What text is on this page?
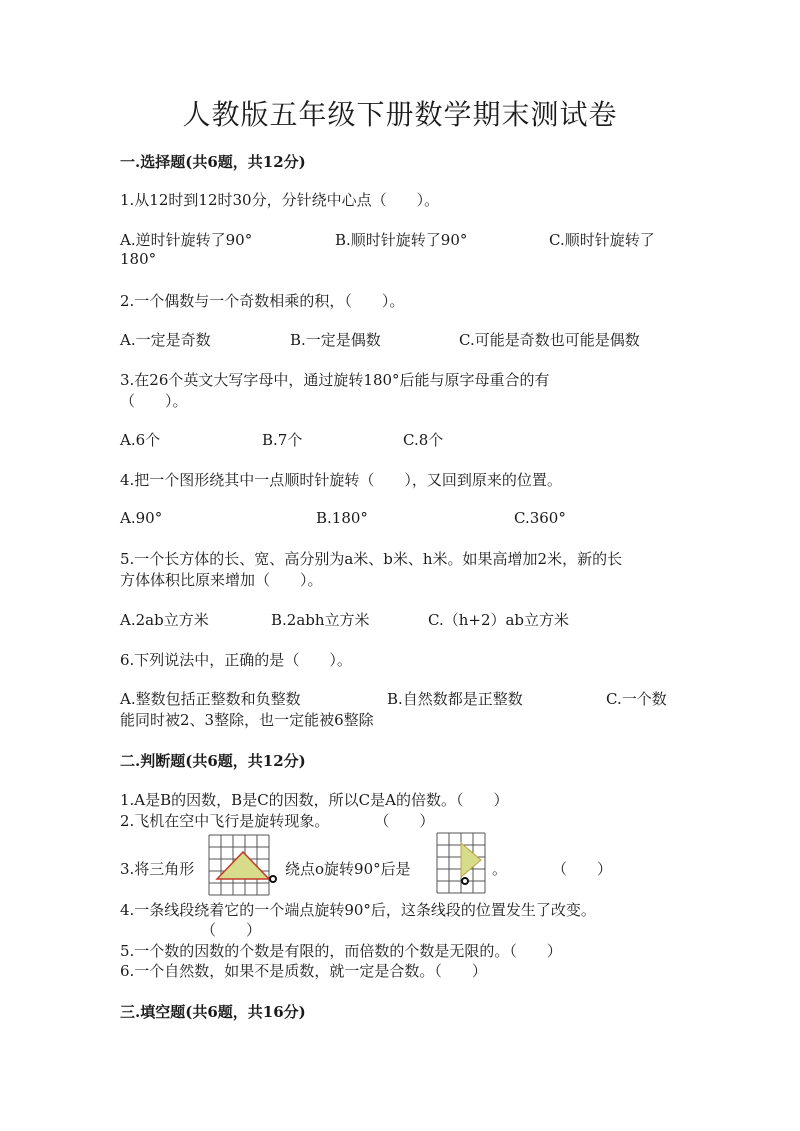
人教版五年级下册数学期末测试卷
一.选择题(共6题，共12分)
1.从12时到12时30分，分针绕中心点（　　）。
A.逆时针旋转了90°	B.顺时针旋转了90°	C.顺时针旋转了
180°
2.一个偶数与一个奇数相乘的积，（　　）。
A.一定是奇数	B.一定是偶数	C.可能是奇数也可能是偶数
3.在26个英文大写字母中，通过旋转180°后能与原字母重合的有
（　　）。
A.6个	B.7个	C.8个
4.把一个图形绕其中一点顺时针旋转（　　），又回到原来的位置。
A.90°	B.180°	C.360°
5.一个长方体的长、宽、高分别为a米、b米、h米。如果高增加2米，新的长
方体体积比原来增加（　　）。
A.2ab立方米	B.2abh立方米	C.（h+2）ab立方米
6.下列说法中，正确的是（　　）。
A.整数包括正整数和负整数	B.自然数都是正整数	C.一个数
能同时被2、3整除，也一定能被6整除
二.判断题(共6题，共12分)
1.A是B的因数，B是C的因数，所以C是A的倍数。（　　）
2.飞机在空中飞行是旋转现象。　　　　（　　）
3.将三角形	绕点o旋转90°后是	。　　　　（　　）
4.一条线段绕着它的一个端点旋转90°后，这条线段的位置发生了改变。
（　　）
5.一个数的因数的个数是有限的，而倍数的个数是无限的。（　　）
6.一个自然数，如果不是质数，就一定是合数。（　　）
三.填空题(共6题，共16分)
